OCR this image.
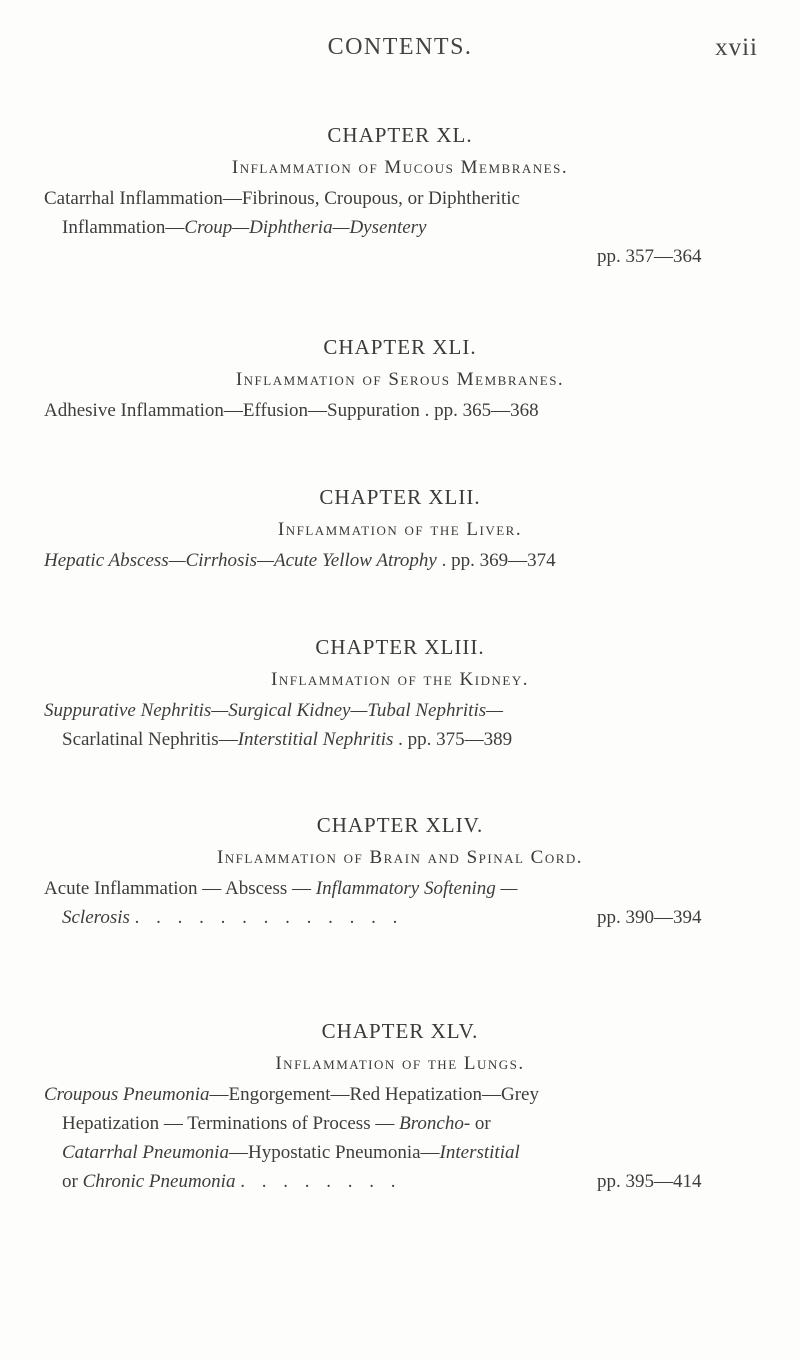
CONTENTS.	xvii
CHAPTER XL.
Inflammation of Mucous Membranes.
Catarrhal Inflammation—Fibrinous, Croupous, or Diphtheritic
Inflammation—Croup—Diphtheria—Dysentery
pp. 357—364
CHAPTER XLI.
Inflammation of Serous Membranes.
Adhesive Inflammation—Effusion—Suppuration . pp. 365—368
CHAPTER XLII.
Inflammation of the Liver.
Hepatic Abscess—Cirrhosis—Acute Yellow Atrophy . pp. 369—374
CHAPTER XLIII.
Inflammation of the Kidney.
Suppurative Nephritis—Surgical Kidney—Tubal Nephritis—
Scarlatinal Nephritis—Interstitial Nephritis . pp. 375—389
CHAPTER XLIV.
Inflammation of Brain and Spinal Cord.
Acute Inflammation — Abscess — Inflammatory Softening —
Sclerosis . . . . . . . . . . . . .	pp. 390—394
CHAPTER XLV.
Inflammation of the Lungs.
Croupous Pneumonia—Engorgement—Red Hepatization—Grey
Hepatization — Terminations of Process — Broncho- or
Catarrhal Pneumonia—Hypostatic Pneumonia—Interstitial
or Chronic Pneumonia . . . . . . . .	pp. 395—414
